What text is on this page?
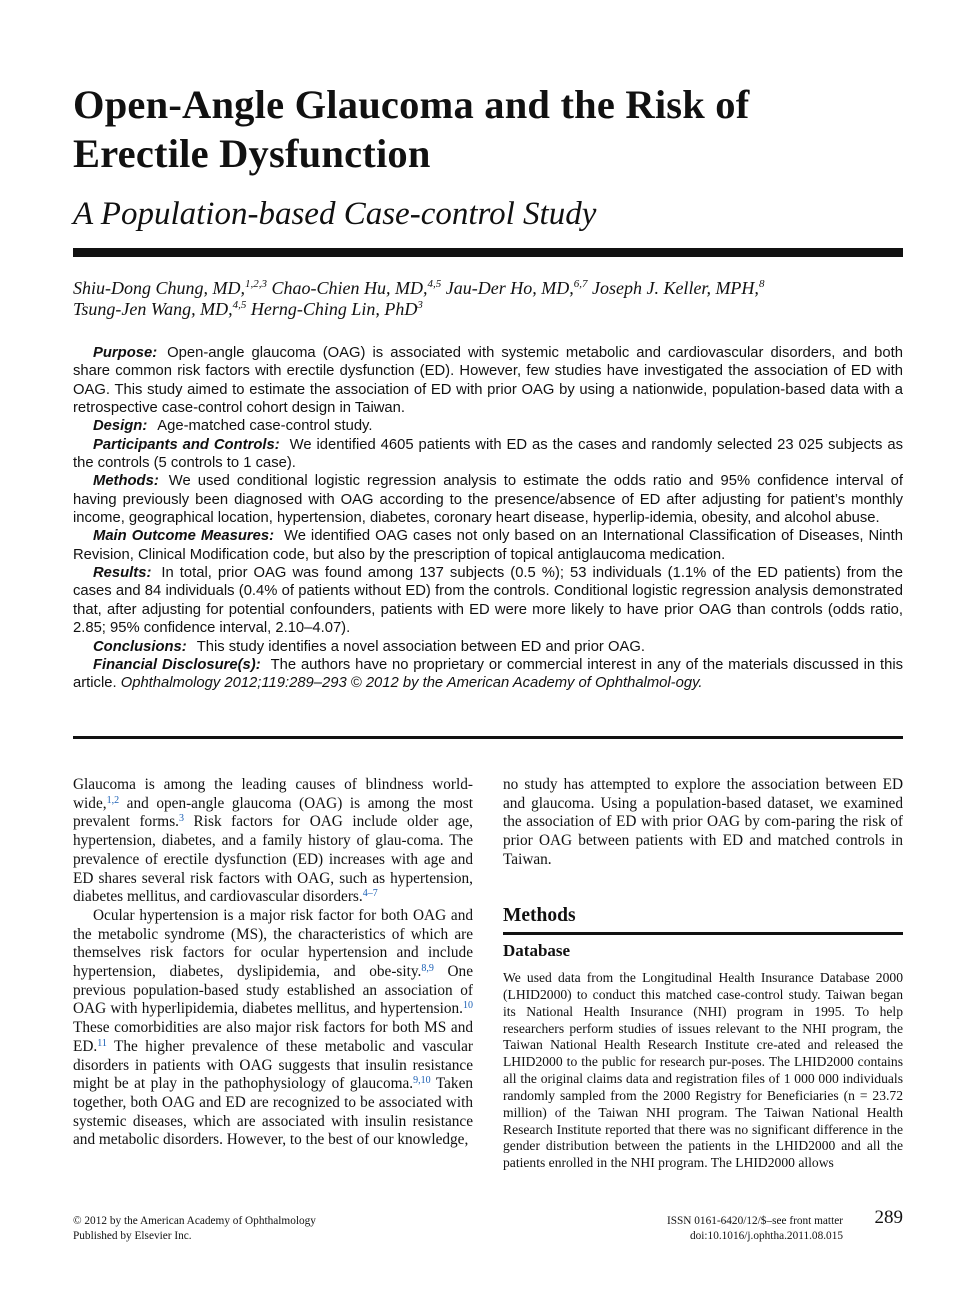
Open-Angle Glaucoma and the Risk of
Erectile Dysfunction
A Population-based Case-control Study
Shiu-Dong Chung, MD,$^{1,2,3}$ Chao-Chien Hu, MD,$^{4,5}$ Jau-Der Ho, MD,$^{6,7}$ Joseph J. Keller, MPH,$^8$
Tsung-Jen Wang, MD,$^{4,5}$ Herng-Ching Lin, PhD$^3$

Purpose: Open-angle glaucoma (OAG) is associated with systemic metabolic and cardiovascular disorders, and both share common risk factors with erectile dysfunction (ED). However, few studies have investigated the association of ED with OAG. This study aimed to estimate the association of ED with prior OAG by using a nationwide, population-based data with a retrospective case-control cohort design in Taiwan.

Design: Age-matched case-control study.

Participants and Controls: We identified 4605 patients with ED as the cases and randomly selected 23 025 subjects as the controls (5 controls to 1 case).

Methods: We used conditional logistic regression analysis to estimate the odds ratio and 95% confidence interval of having previously been diagnosed with OAG according to the presence/absence of ED after adjusting for patient’s monthly income, geographical location, hypertension, diabetes, coronary heart disease, hyperlip-idemia, obesity, and alcohol abuse.

Main Outcome Measures: We identified OAG cases not only based on an International Classification of Diseases, Ninth Revision, Clinical Modification code, but also by the prescription of topical antiglaucoma medication.

Results: In total, prior OAG was found among 137 subjects (0.5 %); 53 individuals (1.1% of the ED patients) from the cases and 84 individuals (0.4% of patients without ED) from the controls. Conditional logistic regression analysis demonstrated that, after adjusting for potential confounders, patients with ED were more likely to have prior OAG than controls (odds ratio, 2.85; 95% confidence interval, 2.10–4.07).

Conclusions: This study identifies a novel association between ED and prior OAG.

Financial Disclosure(s): The authors have no proprietary or commercial interest in any of the materials discussed in this article. Ophthalmology 2012;119:289–293 © 2012 by the American Academy of Ophthalmol-ogy.

Glaucoma is among the leading causes of blindness world-wide,$^{1,2}$ and open-angle glaucoma (OAG) is among the most prevalent forms.$^3$ Risk factors for OAG include older age, hypertension, diabetes, and a family history of glau-coma. The prevalence of erectile dysfunction (ED) increases with age and ED shares several risk factors with OAG, such as hypertension, diabetes mellitus, and cardiovascular disorders.$^{4-7}$

Ocular hypertension is a major risk factor for both OAG and the metabolic syndrome (MS), the characteristics of which are themselves risk factors for ocular hypertension and include hypertension, diabetes, dyslipidemia, and obe-sity.$^{8,9}$ One previous population-based study established an association of OAG with hyperlipidemia, diabetes mellitus, and hypertension.$^{10}$ These comorbidities are also major risk factors for both MS and ED.$^{11}$ The higher prevalence of these metabolic and vascular disorders in patients with OAG suggests that insulin resistance might be at play in the pathophysiology of glaucoma.$^{9,10}$ Taken together, both OAG and ED are recognized to be associated with systemic diseases, which are associated with insulin resistance and metabolic disorders. However, to the best of our knowledge,

no study has attempted to explore the association between ED and glaucoma. Using a population-based dataset, we examined the association of ED with prior OAG by com-paring the risk of prior OAG between patients with ED and matched controls in Taiwan.

Methods
Database

We used data from the Longitudinal Health Insurance Database 2000 (LHID2000) to conduct this matched case-control study. Taiwan began its National Health Insurance (NHI) program in 1995. To help researchers perform studies of issues relevant to the NHI program, the Taiwan National Health Research Institute cre-ated and released the LHID2000 to the public for research pur-poses. The LHID2000 contains all the original claims data and registration files of 1 000 000 individuals randomly sampled from the 2000 Registry for Beneficiaries (n = 23.72 million) of the Taiwan NHI program. The Taiwan National Health Research Institute reported that there was no significant difference in the gender distribution between the patients in the LHID2000 and all the patients enrolled in the NHI program. The LHID2000 allows

© 2012 by the American Academy of Ophthalmology
Published by Elsevier Inc.
ISSN 0161-6420/12/$–see front matter
doi:10.1016/j.ophtha.2011.08.015
289
